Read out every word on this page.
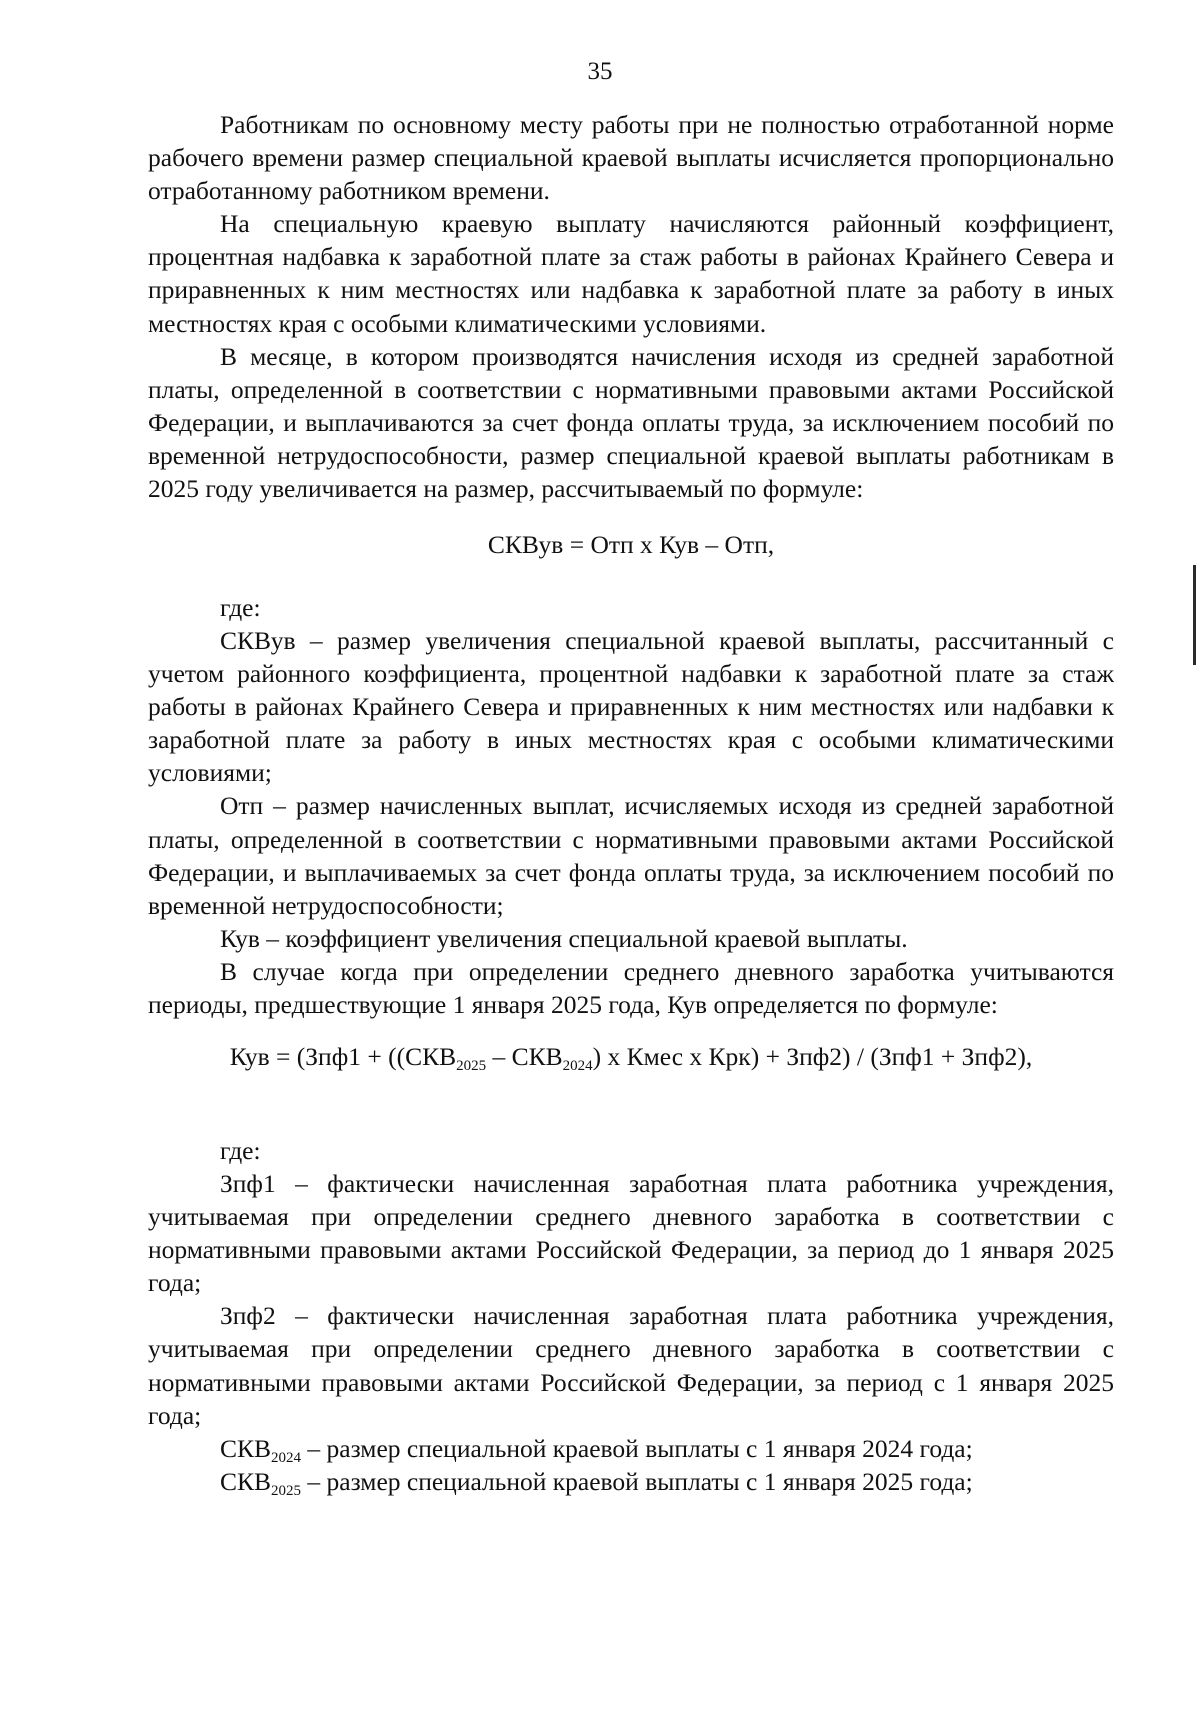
35

Работникам по основному месту работы при не полностью отработанной норме рабочего времени размер специальной краевой выплаты исчисляется пропорционально отработанному работником времени.

На специальную краевую выплату начисляются районный коэффициент, процентная надбавка к заработной плате за стаж работы в районах Крайнего Севера и приравненных к ним местностях или надбавка к заработной плате за работу в иных местностях края с особыми климатическими условиями.

В месяце, в котором производятся начисления исходя из средней заработной платы, определенной в соответствии с нормативными правовыми актами Российской Федерации, и выплачиваются за счет фонда оплаты труда, за исключением пособий по временной нетрудоспособности, размер специальной краевой выплаты работникам в 2025 году увеличивается на размер, рассчитываемый по формуле:

СКВув = Отп х Кув – Отп,
где:

СКВув – размер увеличения специальной краевой выплаты, рассчитанный с учетом районного коэффициента, процентной надбавки к заработной плате за стаж работы в районах Крайнего Севера и приравненных к ним местностях или надбавки к заработной плате за работу в иных местностях края с особыми климатическими условиями;

Отп – размер начисленных выплат, исчисляемых исходя из средней заработной платы, определенной в соответствии с нормативными правовыми актами Российской Федерации, и выплачиваемых за счет фонда оплаты труда, за исключением пособий по временной нетрудоспособности;

Кув – коэффициент увеличения специальной краевой выплаты.

В случае когда при определении среднего дневного заработка учитываются периоды, предшествующие 1 января 2025 года, Кув определяется по формуле:

Кув = ($Зпф1 + ((СКВ_{2025} - СКВ_{2024})$ х Кмес х Крк) + Зпф2) / (Зпф1 + Зпф2),
где:

Зпф1 – фактически начисленная заработная плата работника учреждения, учитываемая при определении среднего дневного заработка в соответствии с нормативными правовыми актами Российской Федерации, за период до 1 января 2025 года;

Зпф2 – фактически начисленная заработная плата работника учреждения, учитываемая при определении среднего дневного заработка в соответствии с нормативными правовыми актами Российской Федерации, за период с 1 января 2025 года;

$СКВ_{2024}$ – размер специальной краевой выплаты с 1 января 2024 года;

$СКВ_{2025}$ – размер специальной краевой выплаты с 1 января 2025 года;
